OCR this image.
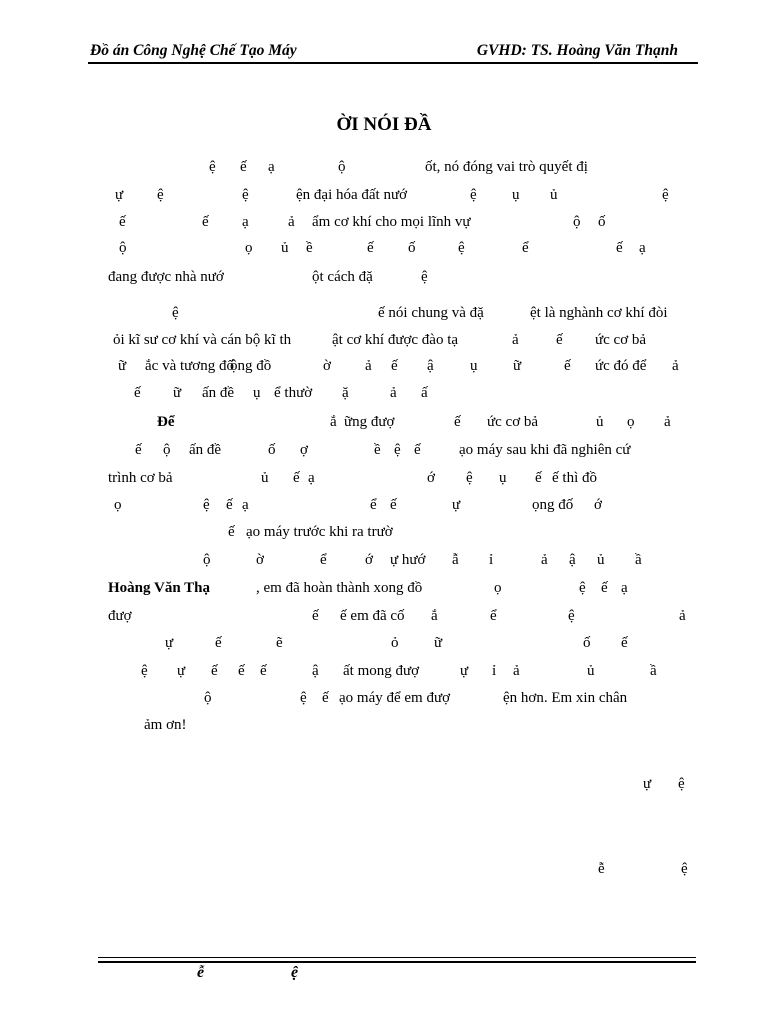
Đồ án Công Nghệ Chế Tạo Máy	GVHD: TS. Hoàng Văn Thạnh
ỜI NÓI ĐẦ
ệ ế ạ	ộ	ốt, nó đóng vai trò quyết đị
ự ệ	ệ	ện đại hóa đất nướ	ệ ụ ủ	ệ
ế	ế ạ	ả ẩm cơ khí cho mọi lĩnh vự	ộ ố
ộ	ọ ủ ề	ế ố	ệ	ể	ế ạ
đang được nhà nướ	ột cách đặ	ệ
ệ	ế nói chung và đặ	ệt là nghành cơ khí đòi
ỏi kĩ sư cơ khí và cán bộ kĩ th	ật cơ khí được đào tạ	ả ế ức cơ bả
ữ ắc và tương đố
ộng đồ	ờ ả ế ậ ụ ữ	ế ức đó để ả
ế ữ ấn đề ụ ể thườ ặ	ả ấ
Để	ắ ững đượ	ế ức cơ bả	ủ ọ ả
ế ộ ấn đề	ố ợ	ề ệ ế	ạo máy sau khi đã nghiên cứ
trình cơ bả	ủ ế ạ	ớ ệ ụ ế ế thì đồ
ọ	ệ ế ạ	ể ế	ự	ọng đố ớ
ế ạo máy trước khi ra trườ
ộ	ờ	ể	ớ ự hướ ẫ ỉ	ả ậ ủ ầ
Hoàng Văn Thạ	, em đã hoàn thành xong đồ	ọ	ệ ế ạ
đượ	ế ế em đã cố ắ	ể	ệ	ả
ự	ế	ẽ	ỏ ữ	ố ế
ệ ự ế ế ế	ậ ất mong đượ	ự ỉ ả	ủ	ầ
ộ	ệ ế ạo máy để em đượ	ện hơn. Em xin chân
ảm ơn!
ự ệ
ễ	ệ
ễ	ệ
